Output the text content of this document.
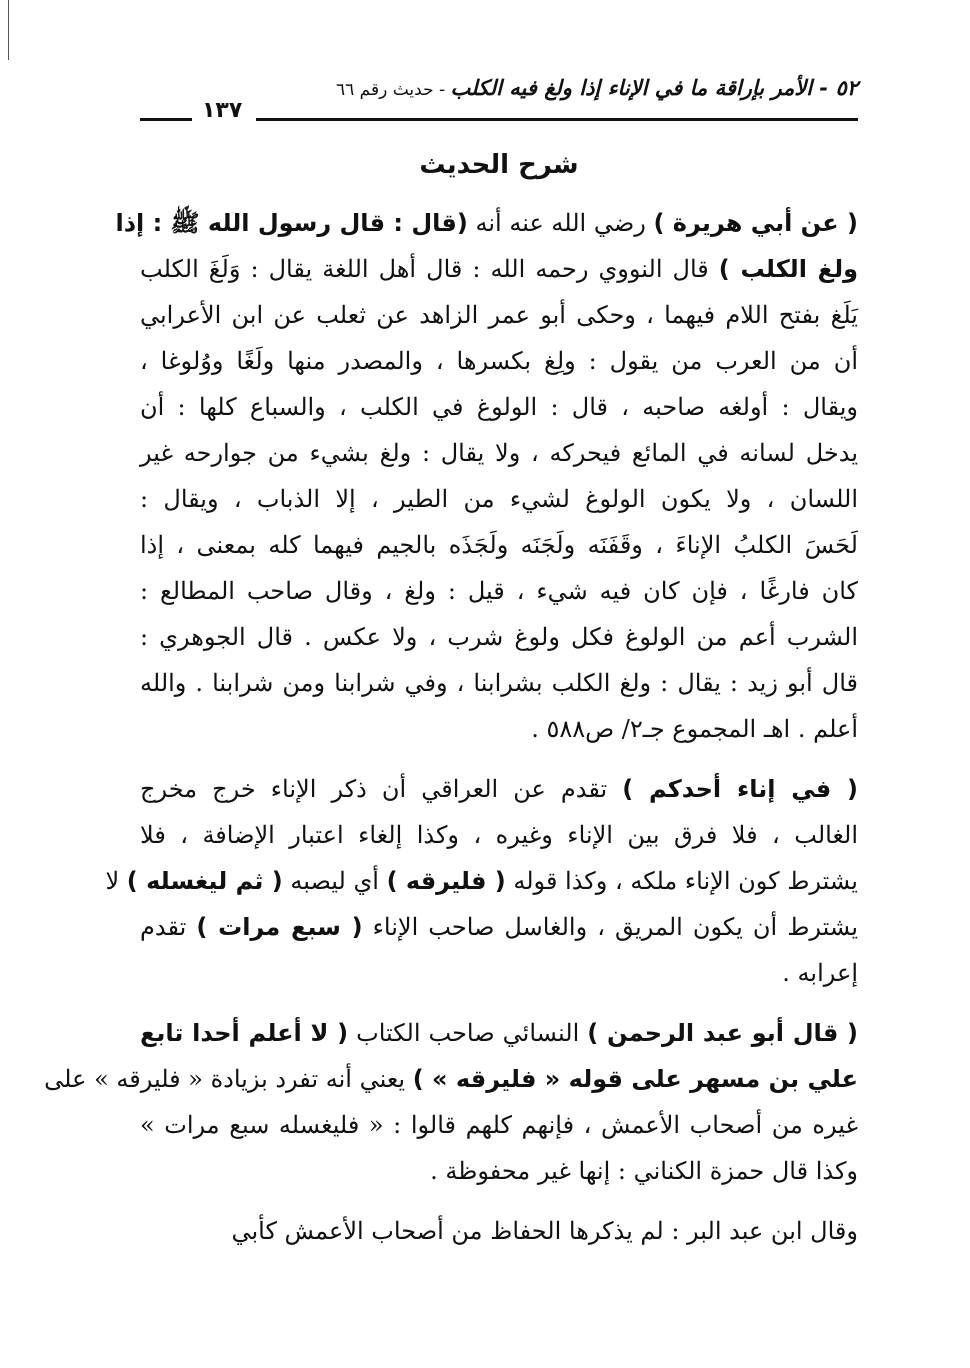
٥٢ - الأمر بإراقة ما في الإناء إذا ولغ فيه الكلب - حديث رقم ٦٦
١٣٧
شرح الحديث
( عن أبي هريرة ) رضي الله عنه أنه (قال : قال رسول الله ﷺ : إذا
ولغ الكلب ) قال النووي رحمه الله : قال أهل اللغة يقال : وَلَغَ الكلب
يَلَغ بفتح اللام فيهما ، وحكى أبو عمر الزاهد عن ثعلب عن ابن الأعرابي
أن من العرب من يقول : ولِغ بكسرها ، والمصدر منها ولَغًا ووُلوغا ،
ويقال : أولغه صاحبه ، قال : الولوغ في الكلب ، والسباع كلها : أن
يدخل لسانه في المائع فيحركه ، ولا يقال : ولغ بشيء من جوارحه غير
اللسان ، ولا يكون الولوغ لشيء من الطير ، إلا الذباب ، ويقال :
لَحَسَ الكلبُ الإناءَ ، وقَفَنَه ولَجَنَه ولَجَذَه بالجيم فيهما كله بمعنى ، إذا
كان فارغًا ، فإن كان فيه شيء ، قيل : ولغ ، وقال صاحب المطالع :
الشرب أعم من الولوغ فكل ولوغ شرب ، ولا عكس . قال الجوهري :
قال أبو زيد : يقال : ولغ الكلب بشرابنا ، وفي شرابنا ومن شرابنا . والله
أعلم . اهـ المجموع جـ٢/ ص٥٨٨ .
( في إناء أحدكم ) تقدم عن العراقي أن ذكر الإناء خرج مخرج
الغالب ، فلا فرق بين الإناء وغيره ، وكذا إلغاء اعتبار الإضافة ، فلا
يشترط كون الإناء ملكه ، وكذا قوله ( فليرقه ) أي ليصبه ( ثم ليغسله ) لا
يشترط أن يكون المريق ، والغاسل صاحب الإناء ( سبع مرات ) تقدم
إعرابه .
( قال أبو عبد الرحمن ) النسائي صاحب الكتاب ( لا أعلم أحدا تابع
علي بن مسهر على قوله « فليرقه » ) يعني أنه تفرد بزيادة « فليرقه » على
غيره من أصحاب الأعمش ، فإنهم كلهم قالوا : « فليغسله سبع مرات »
وكذا قال حمزة الكناني : إنها غير محفوظة .
وقال ابن عبد البر : لم يذكرها الحفاظ من أصحاب الأعمش كأبي
